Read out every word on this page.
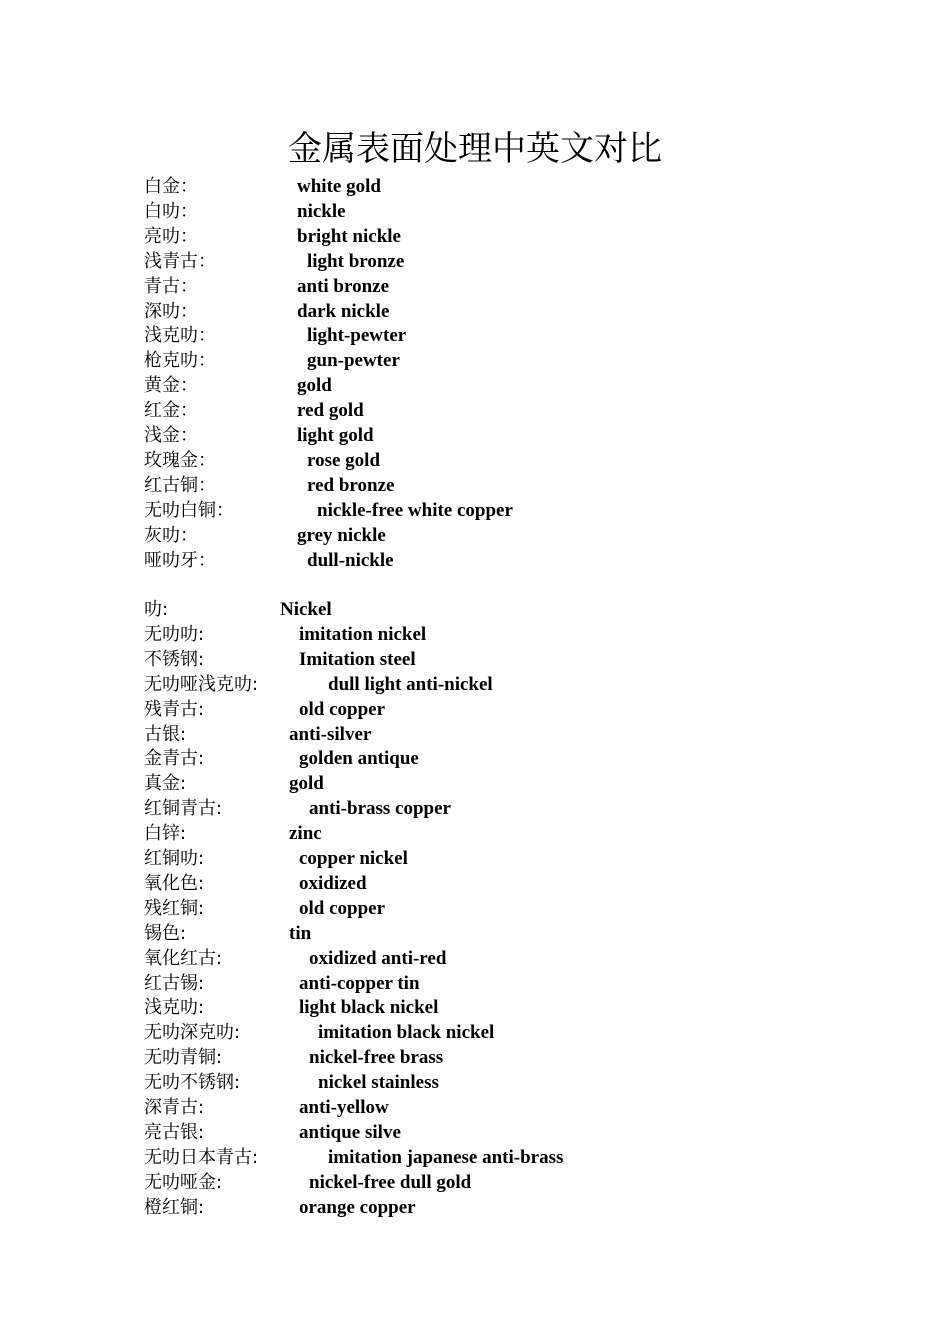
金属表面处理中英文对比
白金：	white gold
白叻：	nickle
亮叻：	bright nickle
浅青古：	light bronze
青古：	anti bronze
深叻：	dark nickle
浅克叻：	light-pewter
枪克叻：	gun-pewter
黄金：	gold
红金：	red gold
浅金：	light gold
玫瑰金：	rose gold
红古铜：	red bronze
无叻白铜：	nickle-free white copper
灰叻：	grey nickle
哑叻牙：	dull-nickle
叻:	Nickel
无叻叻:	imitation nickel
不锈钢:	Imitation steel
无叻哑浅克叻:	dull light anti-nickel
残青古:	old copper
古银:	anti-silver
金青古:	golden antique
真金:	gold
红铜青古:	anti-brass copper
白锌:	zinc
红铜叻:	copper nickel
氧化色:	oxidized
残红铜:	old copper
锡色:	tin
氧化红古:	oxidized anti-red
红古锡:	anti-copper tin
浅克叻:	light black nickel
无叻深克叻:	imitation black nickel
无叻青铜:	nickel-free brass
无叻不锈钢:	nickel stainless
深青古:	anti-yellow
亮古银:	antique silve
无叻日本青古:	imitation japanese anti-brass
无叻哑金:	nickel-free dull gold
橙红铜:	orange copper
